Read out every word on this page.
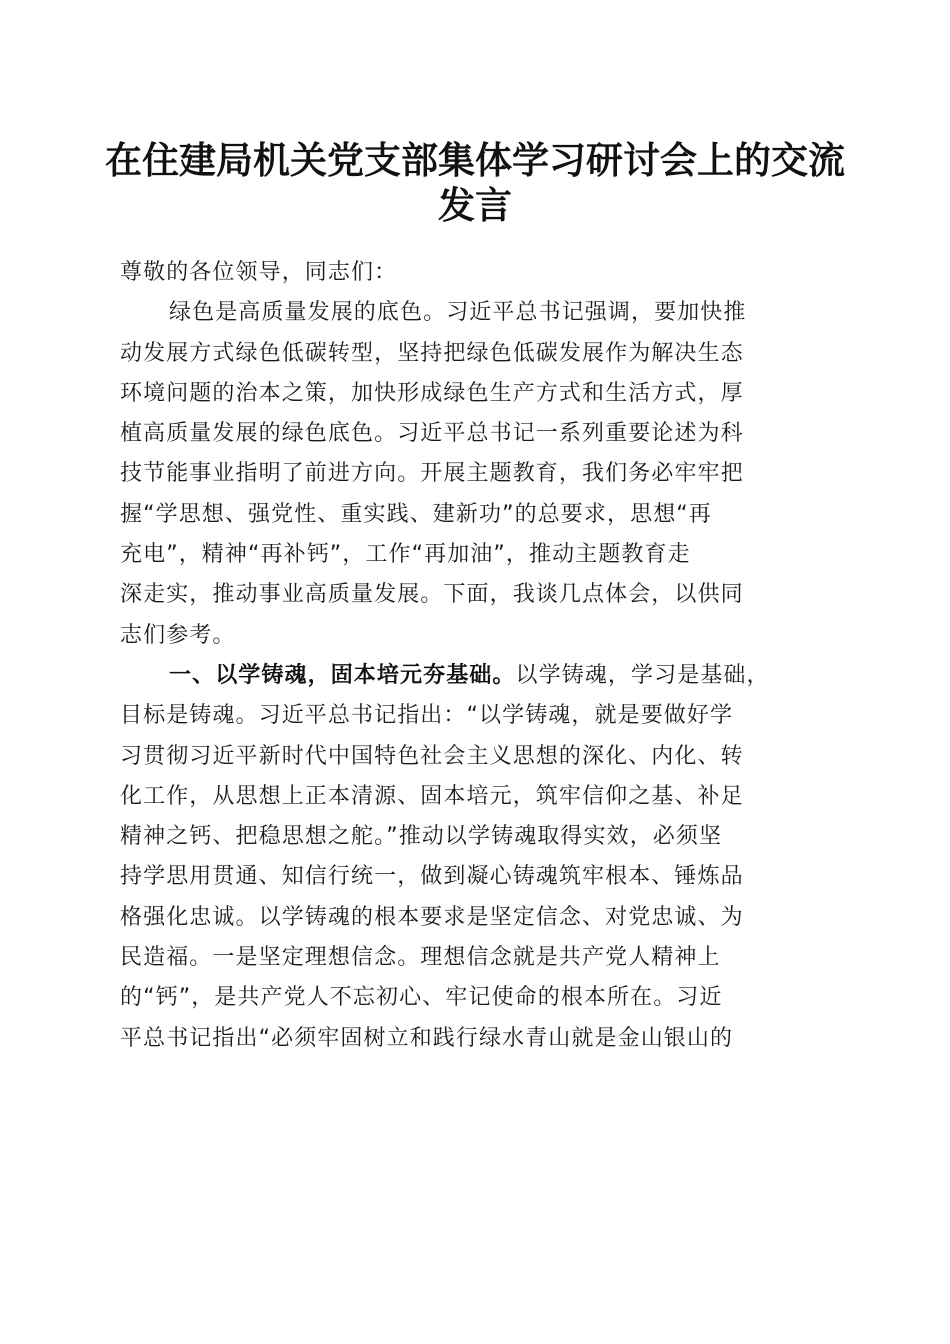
在住建局机关党支部集体学习研讨会上的交流
发言
尊敬的各位领导，同志们：
绿色是高质量发展的底色。习近平总书记强调，要加快推
动发展方式绿色低碳转型，坚持把绿色低碳发展作为解决生态
环境问题的治本之策，加快形成绿色生产方式和生活方式，厚
植高质量发展的绿色底色。习近平总书记一系列重要论述为科
技节能事业指明了前进方向。开展主题教育，我们务必牢牢把
握“学思想、强党性、重实践、建新功”的总要求，思想“再
充电”，精神“再补钙”，工作“再加油”，推动主题教育走
深走实，推动事业高质量发展。下面，我谈几点体会，以供同
志们参考。
一、以学铸魂，固本培元夯基础。以学铸魂，学习是基础，
目标是铸魂。习近平总书记指出：“以学铸魂，就是要做好学
习贯彻习近平新时代中国特色社会主义思想的深化、内化、转
化工作，从思想上正本清源、固本培元，筑牢信仰之基、补足
精神之钙、把稳思想之舵。”推动以学铸魂取得实效，必须坚
持学思用贯通、知信行统一，做到凝心铸魂筑牢根本、锤炼品
格强化忠诚。以学铸魂的根本要求是坚定信念、对党忠诚、为
民造福。一是坚定理想信念。理想信念就是共产党人精神上
的“钙”，是共产党人不忘初心、牢记使命的根本所在。习近
平总书记指出“必须牢固树立和践行绿水青山就是金山银山的
